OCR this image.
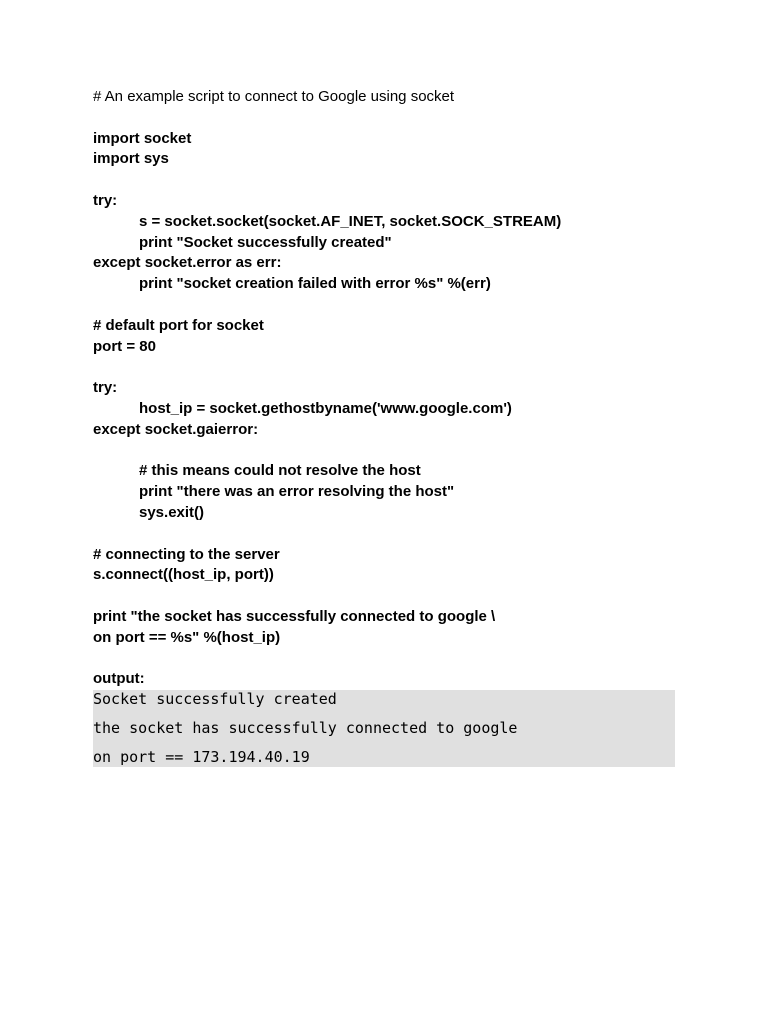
# An example script to connect to Google using socket
import socket
import sys
try:
s = socket.socket(socket.AF_INET, socket.SOCK_STREAM)
print "Socket successfully created"
except socket.error as err:
print "socket creation failed with error %s" %(err)
# default port for socket
port = 80
try:
host_ip = socket.gethostbyname('www.google.com')
except socket.gaierror:
# this means could not resolve the host
print "there was an error resolving the host"
sys.exit()
# connecting to the server
s.connect((host_ip, port))
print "the socket has successfully connected to google \
on port == %s" %(host_ip)
output:
Socket successfully created
the socket has successfully connected to google
on port == 173.194.40.19
